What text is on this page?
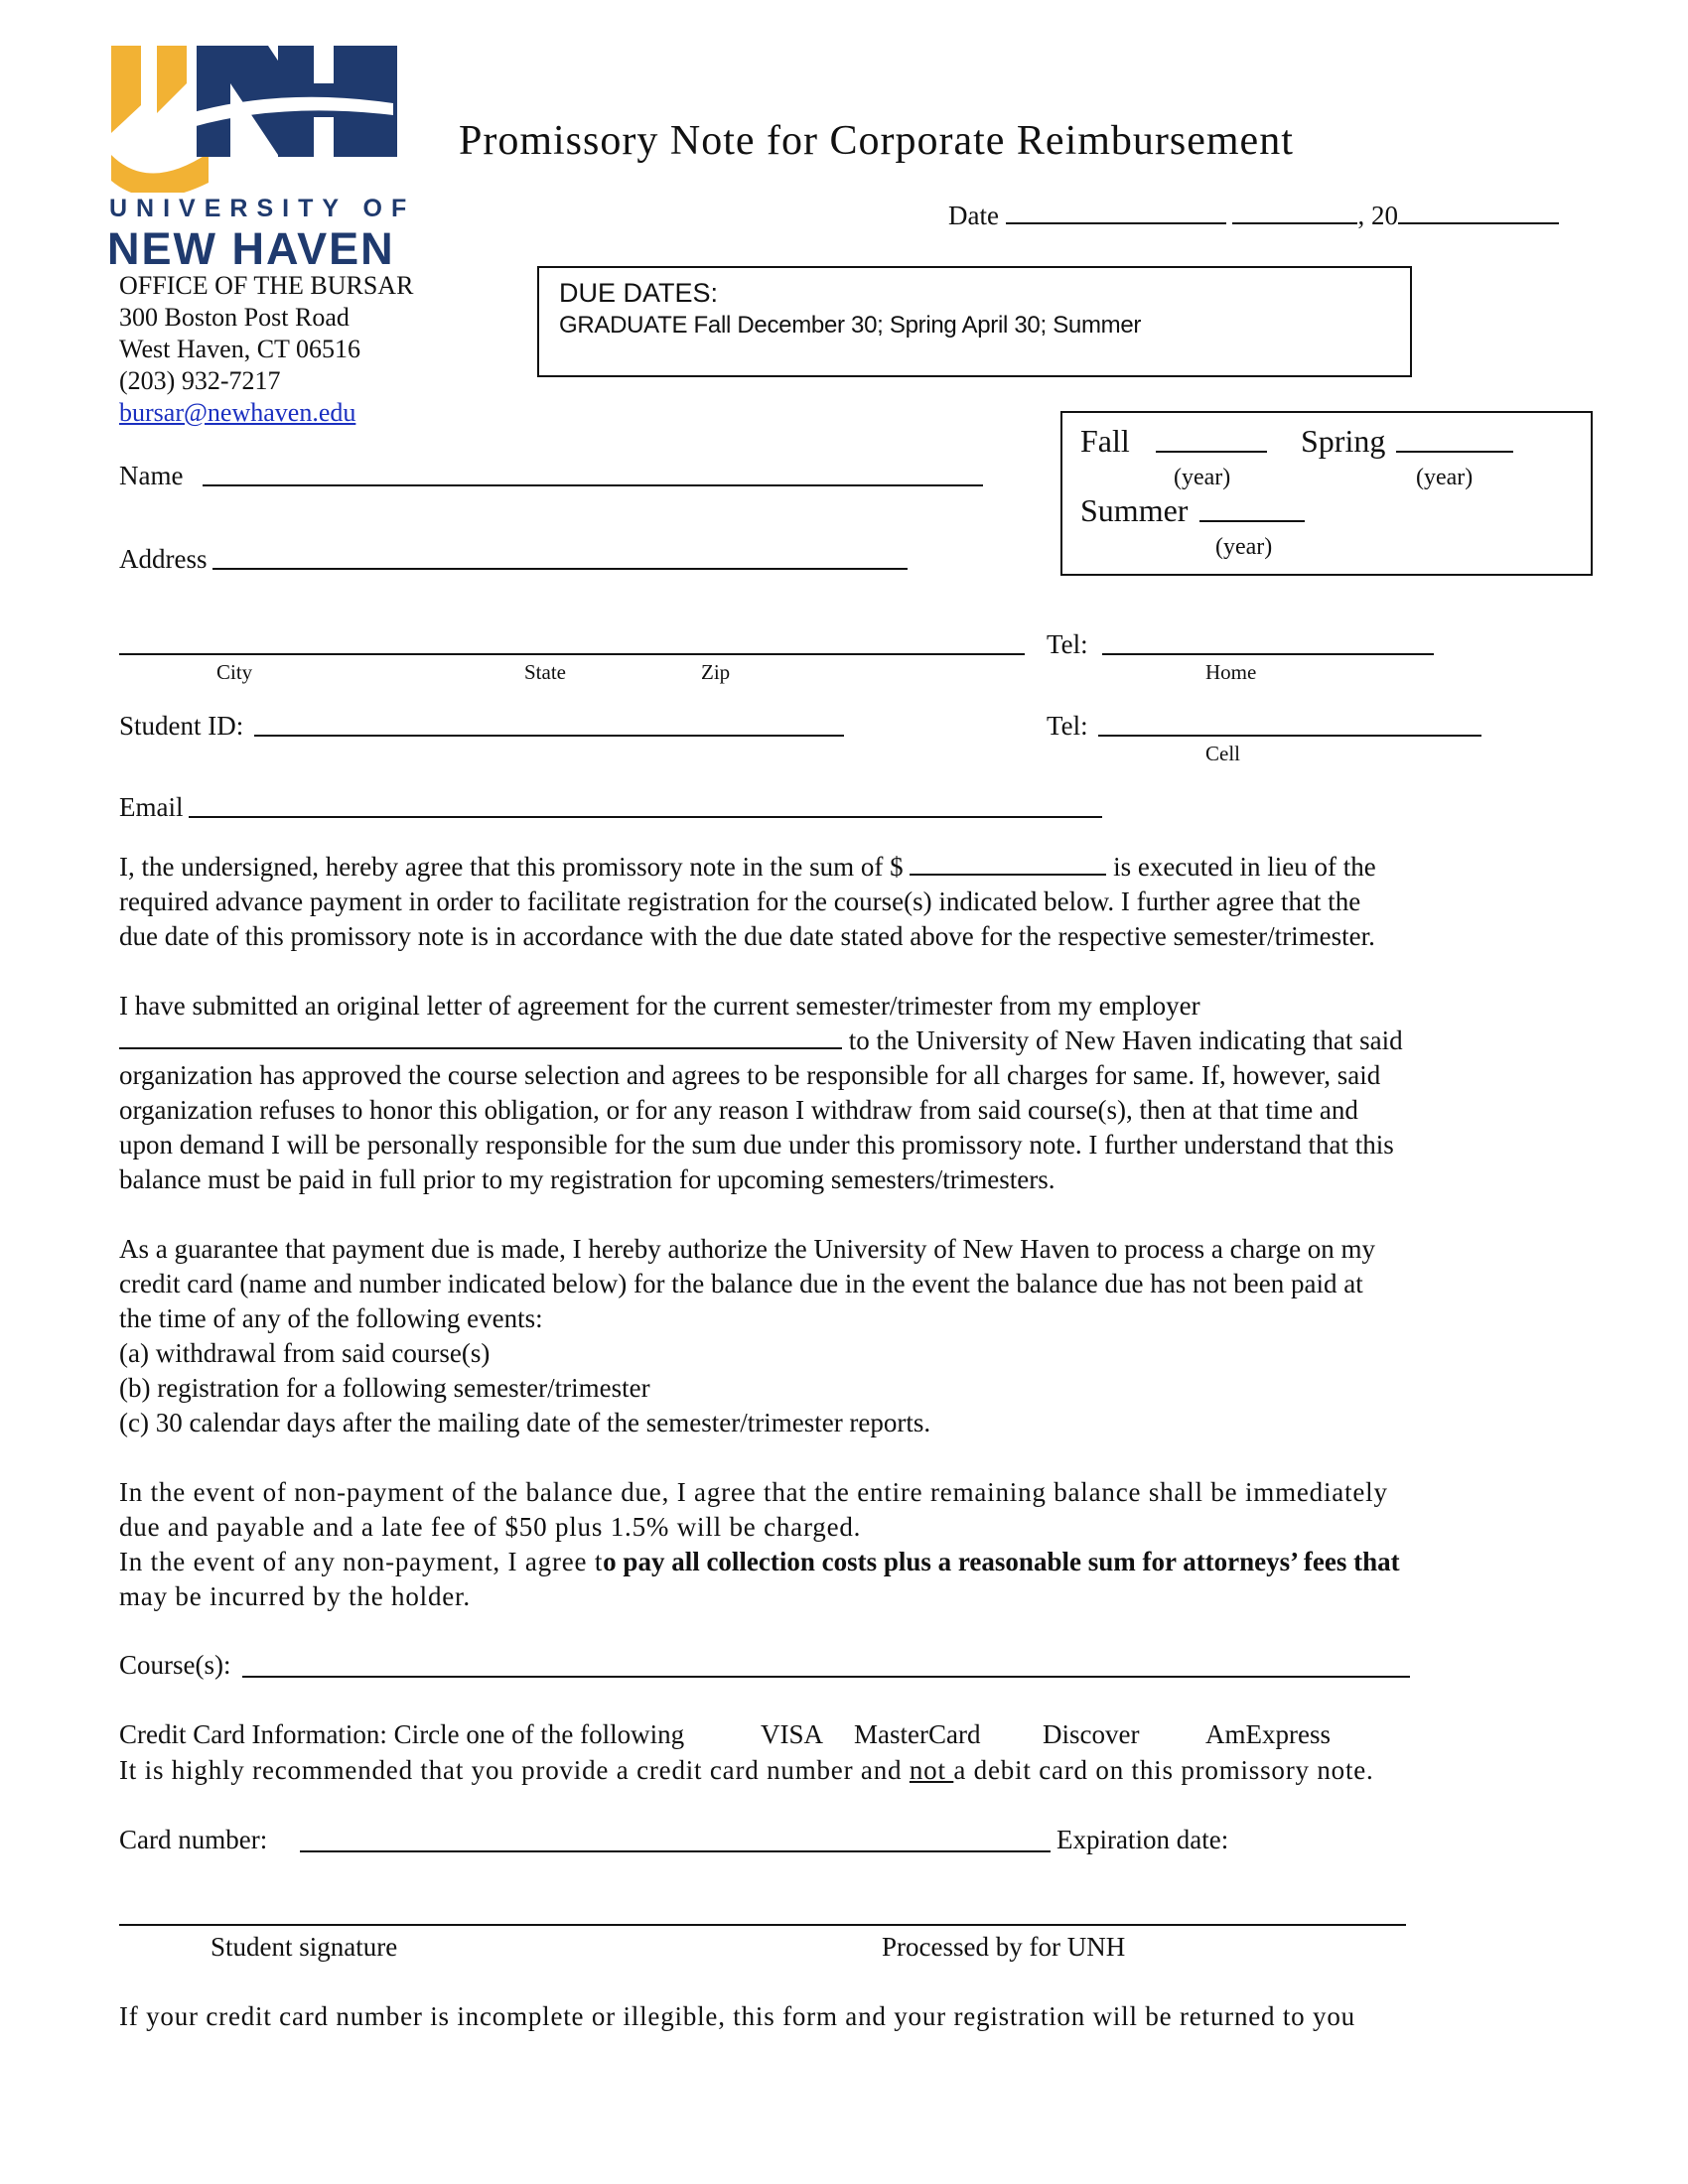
UNIVERSITY OF
NEW HAVEN
Promissory Note for Corporate Reimbursement
Date	, 20
DUE DATES:
GRADUATE Fall December 30; Spring April 30; Summer
OFFICE OF THE BURSAR
300 Boston Post Road
West Haven, CT 06516
(203) 932-7217
bursar@newhaven.edu
Fall	Spring
(year)	(year)
Summer
(year)
Name
Address
City	State	Zip
Tel:
Home
Student ID:	Tel:
Cell
Email
I, the undersigned, hereby agree that this promissory note in the sum of $	is executed in lieu of the
required advance payment in order to facilitate registration for the course(s) indicated below. I further agree that the
due date of this promissory note is in accordance with the due date stated above for the respective semester/trimester.
I have submitted an original letter of agreement for the current semester/trimester from my employer
to the University of New Haven indicating that said
organization has approved the course selection and agrees to be responsible for all charges for same. If, however, said
organization refuses to honor this obligation, or for any reason I withdraw from said course(s), then at that time and
upon demand I will be personally responsible for the sum due under this promissory note. I further understand that this
balance must be paid in full prior to my registration for upcoming semesters/trimesters.
As a guarantee that payment due is made, I hereby authorize the University of New Haven to process a charge on my
credit card (name and number indicated below) for the balance due in the event the balance due has not been paid at
the time of any of the following events:
(a) withdrawal from said course(s)
(b) registration for a following semester/trimester
(c) 30 calendar days after the mailing date of the semester/trimester reports.
In the event of non-payment of the balance due, I agree that the entire remaining balance shall be immediately
due and payable and a late fee of $50 plus 1.5% will be charged.
In the event of any non-payment, I agree to pay all collection costs plus a reasonable sum for attorneys’ fees that
may be incurred by the holder.
Course(s):
Credit Card Information: Circle one of the following	VISA MasterCard Discover AmExpress
It is highly recommended that you provide a credit card number and not a debit card on this promissory note.
Card number:	Expiration date:
Student signature	Processed by for UNH
If your credit card number is incomplete or illegible, this form and your registration will be returned to you
